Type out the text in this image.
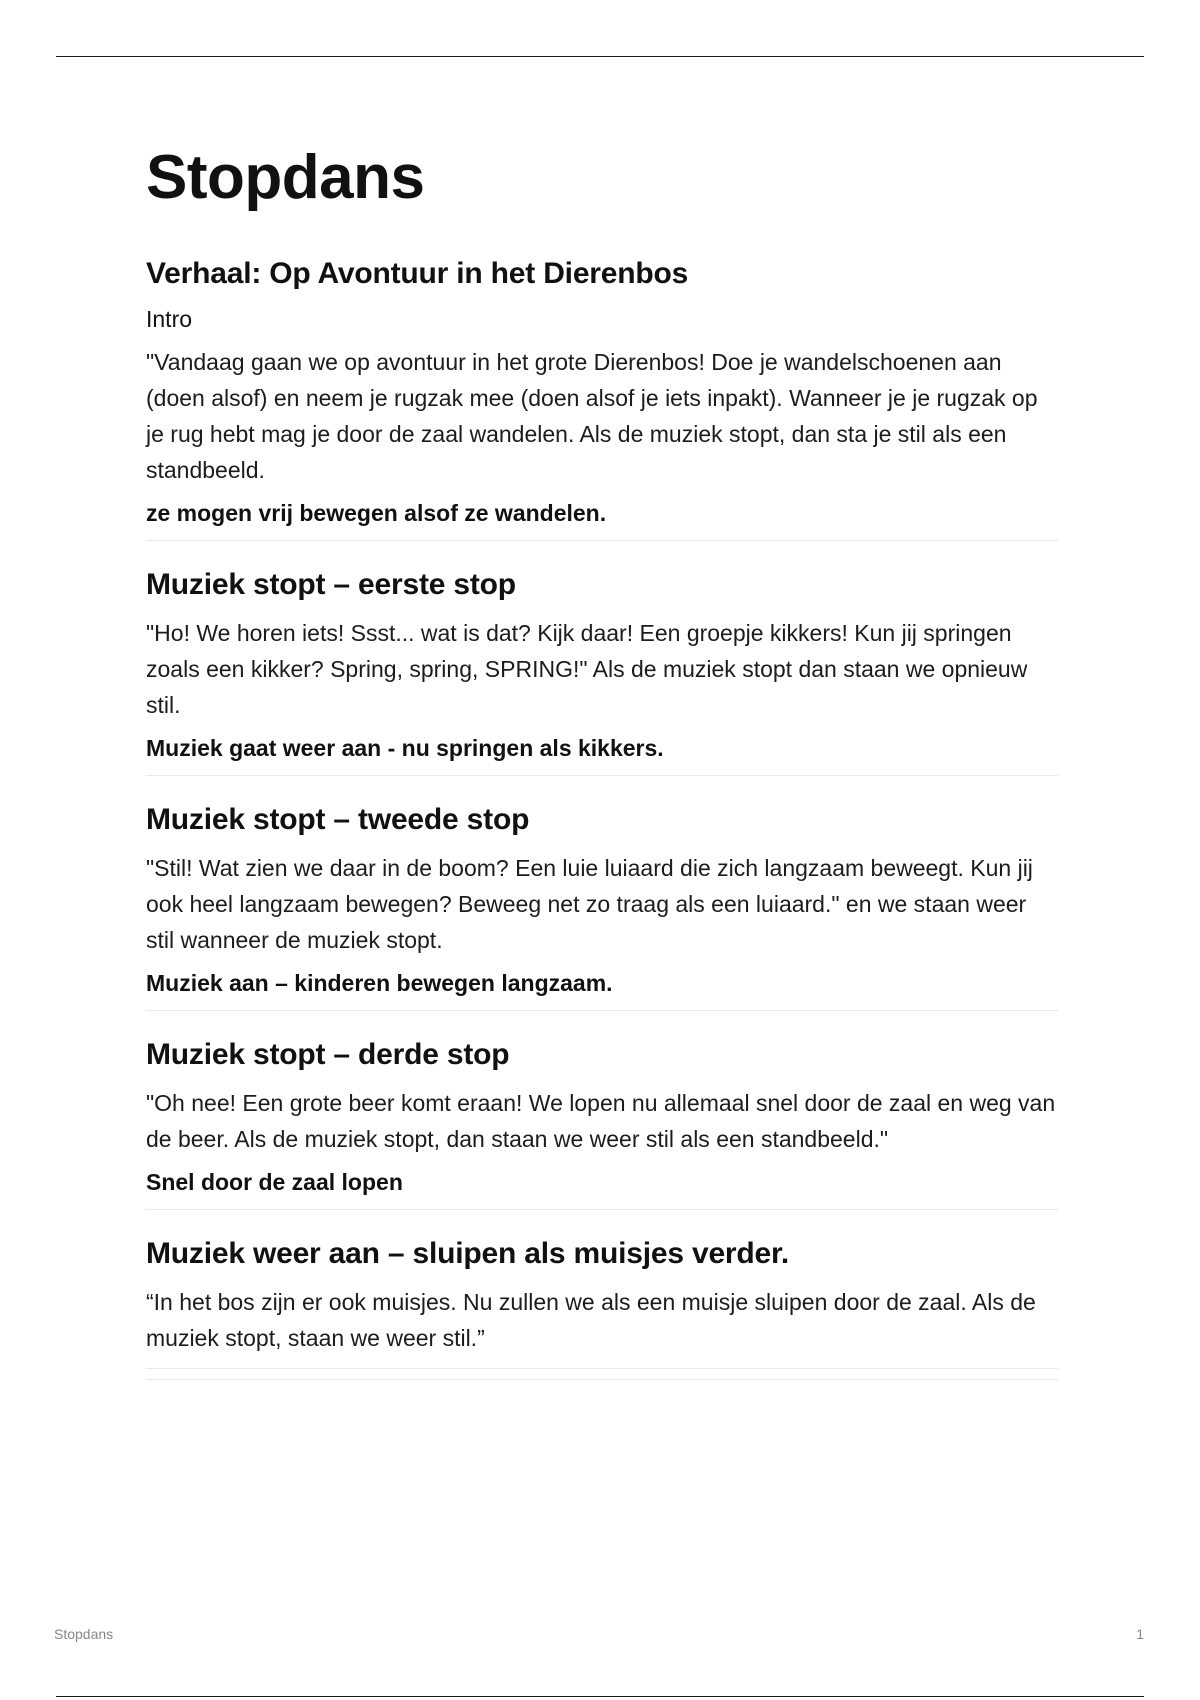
Stopdans
Verhaal: Op Avontuur in het Dierenbos

Intro

"Vandaag gaan we op avontuur in het grote Dierenbos! Doe je wandelschoenen aan (doen alsof) en neem je rugzak mee (doen alsof je iets inpakt). Wanneer je je rugzak op je rug hebt mag je door de zaal wandelen. Als de muziek stopt, dan sta je stil als een standbeeld.

ze mogen vrij bewegen alsof ze wandelen.

Muziek stopt – eerste stop

"Ho! We horen iets! Ssst... wat is dat? Kijk daar! Een groepje kikkers! Kun jij springen zoals een kikker? Spring, spring, SPRING!" Als de muziek stopt dan staan we opnieuw stil.

Muziek gaat weer aan - nu springen als kikkers.

Muziek stopt – tweede stop

"Stil! Wat zien we daar in de boom? Een luie luiaard die zich langzaam beweegt. Kun jij ook heel langzaam bewegen? Beweeg net zo traag als een luiaard." en we staan weer stil wanneer de muziek stopt.

Muziek aan – kinderen bewegen langzaam.

Muziek stopt – derde stop

"Oh nee! Een grote beer komt eraan! We lopen nu allemaal snel door de zaal en weg van de beer. Als de muziek stopt, dan staan we weer stil als een standbeeld."

Snel door de zaal lopen

Muziek weer aan – sluipen als muisjes verder.

“In het bos zijn er ook muisjes. Nu zullen we als een muisje sluipen door de zaal. Als de muziek stopt, staan we weer stil.”

Stopdans	1
